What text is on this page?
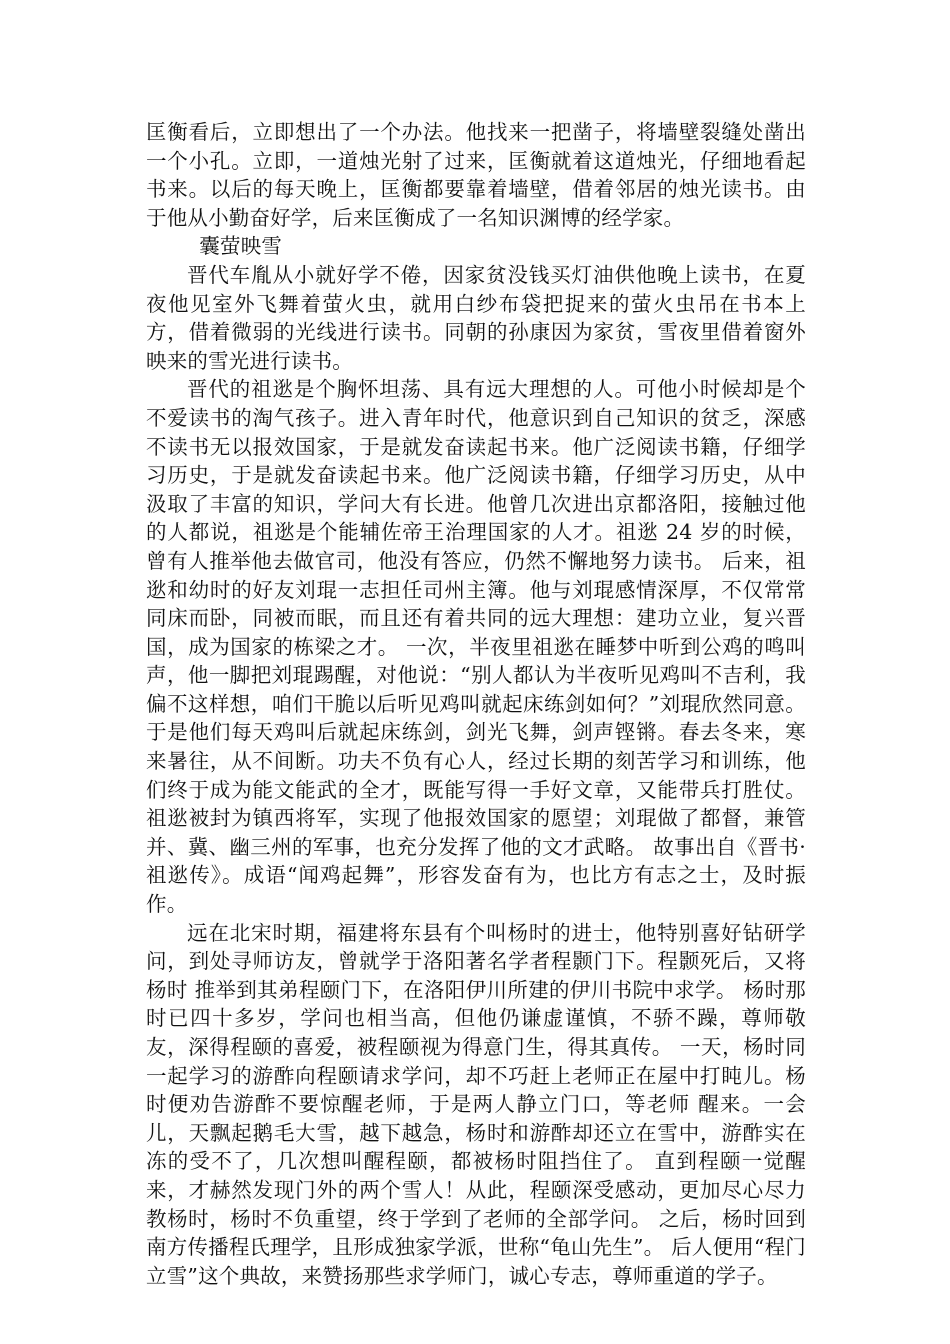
匡衡看后，立即想出了一个办法。他找来一把凿子，将墙壁裂缝处凿出一个小孔。立即，一道烛光射了过来，匡衡就着这道烛光，仔细地看起书来。以后的每天晚上，匡衡都要靠着墙壁，借着邻居的烛光读书。由于他从小勤奋好学，后来匡衡成了一名知识渊博的经学家。

囊萤映雪

晋代车胤从小就好学不倦，因家贫没钱买灯油供他晚上读书，在夏夜他见室外飞舞着萤火虫，就用白纱布袋把捉来的萤火虫吊在书本上方，借着微弱的光线进行读书。同朝的孙康因为家贫，雪夜里借着窗外映来的雪光进行读书。

晋代的祖逖是个胸怀坦荡、具有远大理想的人。可他小时候却是个不爱读书的淘气孩子。进入青年时代，他意识到自己知识的贫乏，深感不读书无以报效国家，于是就发奋读起书来。他广泛阅读书籍，仔细学习历史，于是就发奋读起书来。他广泛阅读书籍，仔细学习历史，从中汲取了丰富的知识，学问大有长进。他曾几次进出京都洛阳，接触过他的人都说，祖逖是个能辅佐帝王治理国家的人才。祖逖 24 岁的时候，曾有人推举他去做官司，他没有答应，仍然不懈地努力读书。 后来，祖逖和幼时的好友刘琨一志担任司州主簿。他与刘琨感情深厚，不仅常常同床而卧，同被而眠，而且还有着共同的远大理想：建功立业，复兴晋国，成为国家的栋梁之才。 一次，半夜里祖逖在睡梦中听到公鸡的鸣叫声，他一脚把刘琨踢醒，对他说：“别人都认为半夜听见鸡叫不吉利，我偏不这样想，咱们干脆以后听见鸡叫就起床练剑如何？”刘琨欣然同意。于是他们每天鸡叫后就起床练剑，剑光飞舞，剑声铿锵。春去冬来，寒来暑往，从不间断。功夫不负有心人，经过长期的刻苦学习和训练，他们终于成为能文能武的全才，既能写得一手好文章，又能带兵打胜仗。祖逖被封为镇西将军，实现了他报效国家的愿望；刘琨做了都督，兼管并、冀、幽三州的军事，也充分发挥了他的文才武略。 故事出自《晋书·祖逖传》。成语“闻鸡起舞”，形容发奋有为，也比方有志之士，及时振作。

远在北宋时期，福建将东县有个叫杨时的进士，他特别喜好钻研学问，到处寻师访友，曾就学于洛阳著名学者程颢门下。程颢死后，又将杨时 推举到其弟程颐门下，在洛阳伊川所建的伊川书院中求学。 杨时那时已四十多岁，学问也相当高，但他仍谦虚谨慎，不骄不躁，尊师敬友，深得程颐的喜爱，被程颐视为得意门生，得其真传。 一天，杨时同一起学习的游酢向程颐请求学问，却不巧赶上老师正在屋中打盹儿。杨时便劝告游酢不要惊醒老师，于是两人静立门口，等老师 醒来。一会儿，天飘起鹅毛大雪，越下越急，杨时和游酢却还立在雪中，游酢实在冻的受不了，几次想叫醒程颐，都被杨时阻挡住了。 直到程颐一觉醒来，才赫然发现门外的两个雪人！从此，程颐深受感动，更加尽心尽力教杨时，杨时不负重望，终于学到了老师的全部学问。 之后，杨时回到南方传播程氏理学，且形成独家学派，世称“龟山先生”。 后人便用“程门立雪”这个典故，来赞扬那些求学师门，诚心专志，尊师重道的学子。
